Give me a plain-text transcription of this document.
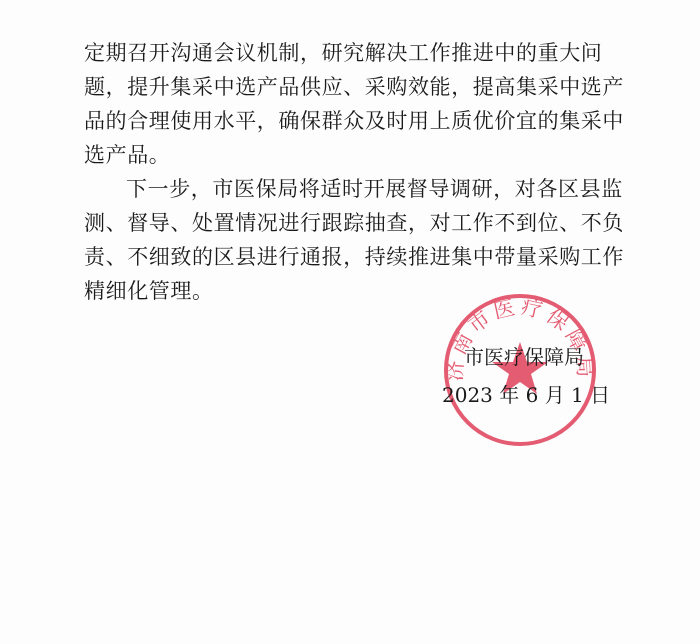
定期召开沟通会议机制，研究解决工作推进中的重大问题，提升集采中选产品供应、采购效能，提高集采中选产品的合理使用水平，确保群众及时用上质优价宜的集采中选产品。

下一步，市医保局将适时开展督导调研，对各区县监测、督导、处置情况进行跟踪抽查，对工作不到位、不负责、不细致的区县进行通报，持续推进集中带量采购工作精细化管理。

济南市医疗保障局
市医疗保障局
2023 年 6 月 1 日
